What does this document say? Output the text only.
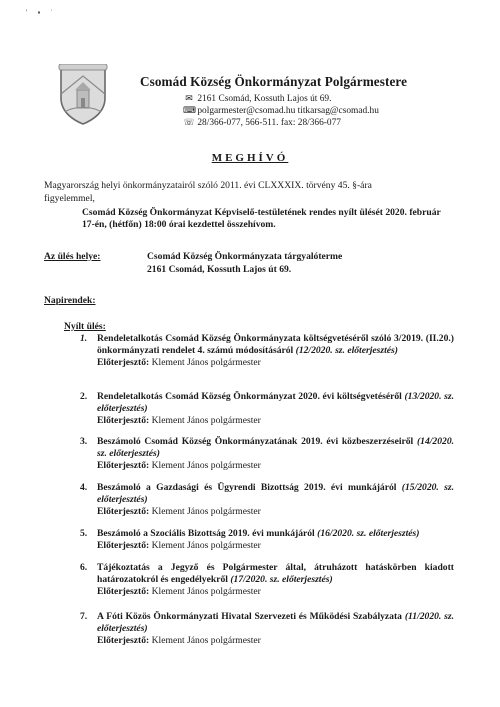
' ▪ ˙
Csomád Község Önkormányzat Polgármestere
✉ 2161 Csomád, Kossuth Lajos út 69.
⌨ polgarmester@csomad.hu titkarsag@csomad.hu
☏ 28/366-077, 566-511. fax: 28/366-077
MEGHÍVÓ
Magyarország helyi önkormányzatairól szóló 2011. évi CLXXXIX. törvény 45. §-ára
figyelemmel,
Csomád Község Önkormányzat Képviselő-testületének rendes nyílt ülését 2020. február 17-én, (hétfőn) 18:00 órai kezdettel összehívom.
Az ülés helye:	Csomád Község Önkormányzata tárgyalóterme
2161 Csomád, Kossuth Lajos út 69.
Napirendek:
Nyílt ülés:
1. Rendeletalkotás Csomád Község Önkormányzata költségvetéséről szóló 3/2019. (II.20.) önkormányzati rendelet 4. számú módosításáról (12/2020. sz. előterjesztés)
Előterjesztő: Klement János polgármester
2. Rendeletalkotás Csomád Község Önkormányzat 2020. évi költségvetéséről (13/2020. sz. előterjesztés)
Előterjesztő: Klement János polgármester
3. Beszámoló Csomád Község Önkormányzatának 2019. évi közbeszerzéseiről (14/2020. sz. előterjesztés)
Előterjesztő: Klement János polgármester
4. Beszámoló a Gazdasági és Ügyrendi Bizottság 2019. évi munkájáról (15/2020. sz. előterjesztés)
Előterjesztő: Klement János polgármester
5. Beszámoló a Szociális Bizottság 2019. évi munkájáról (16/2020. sz. előterjesztés)
Előterjesztő: Klement János polgármester
6. Tájékoztatás a Jegyző és Polgármester által, átruházott hatáskörben kiadott határozatokról és engedélyekről (17/2020. sz. előterjesztés)
Előterjesztő: Klement János polgármester
7. A Fóti Közös Önkormányzati Hivatal Szervezeti és Működési Szabályzata (11/2020. sz. előterjesztés)
Előterjesztő: Klement János polgármester
